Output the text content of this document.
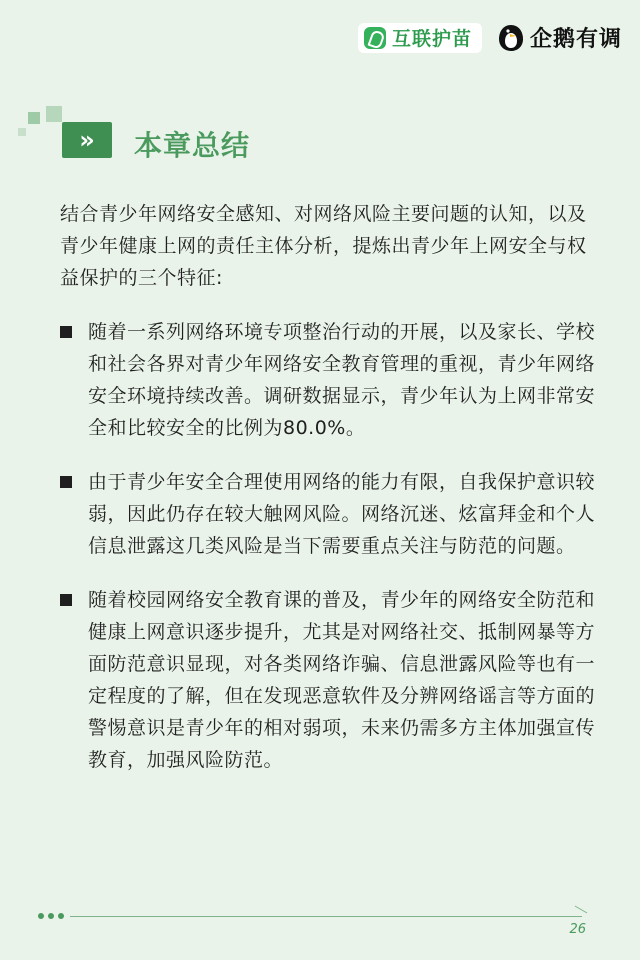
互联护苗	企鹅有调
» 本章总结

结合青少年网络安全感知、对网络风险主要问题的认知，以及青少年健康上网的责任主体分析，提炼出青少年上网安全与权益保护的三个特征:

随着一系列网络环境专项整治行动的开展，以及家长、学校和社会各界对青少年网络安全教育管理的重视，青少年网络安全环境持续改善。调研数据显示，青少年认为上网非常安全和比较安全的比例为80.0%。
由于青少年安全合理使用网络的能力有限，自我保护意识较弱，因此仍存在较大触网风险。网络沉迷、炫富拜金和个人信息泄露这几类风险是当下需要重点关注与防范的问题。
随着校园网络安全教育课的普及，青少年的网络安全防范和健康上网意识逐步提升，尤其是对网络社交、抵制网暴等方面防范意识显现，对各类网络诈骗、信息泄露风险等也有一定程度的了解，但在发现恶意软件及分辨网络谣言等方面的警惕意识是青少年的相对弱项，未来仍需多方主体加强宣传教育，加强风险防范。
26
